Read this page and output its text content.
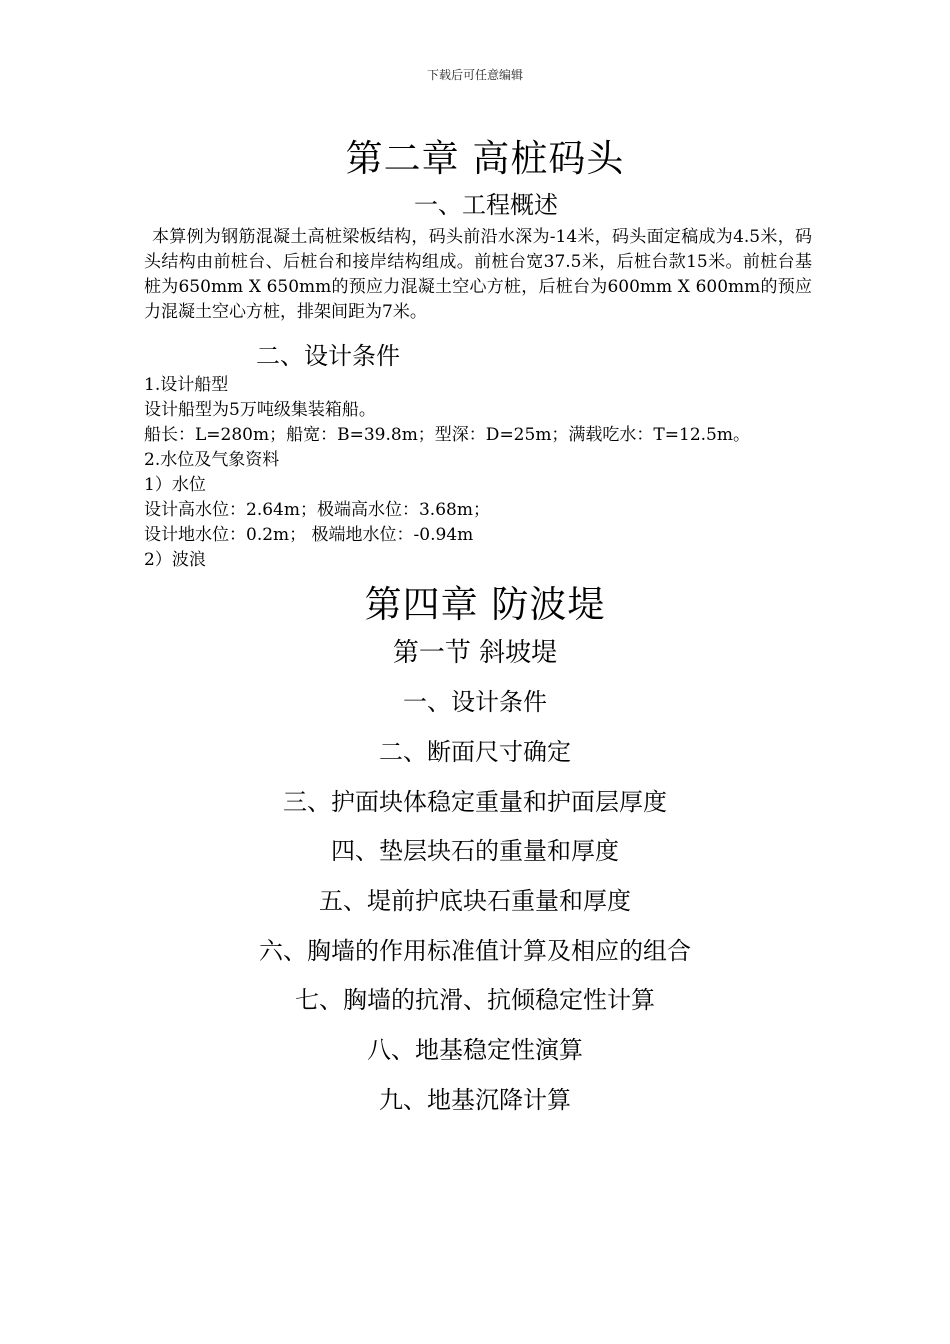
下载后可任意编辑
第二章 高桩码头
一、工程概述
本算例为钢筋混凝土高桩梁板结构，码头前沿水深为-14米，码头面定稿成为4.5米，码头结构由前桩台、后桩台和接岸结构组成。前桩台宽37.5米，后桩台款15米。前桩台基桩为650mm X 650mm的预应力混凝土空心方桩，后桩台为600mm X 600mm的预应力混凝土空心方桩，排架间距为7米。
二、设计条件
1.设计船型
设计船型为5万吨级集装箱船。
船长：L=280m；船宽：B=39.8m；型深：D=25m；满载吃水：T=12.5m。
2.水位及气象资料
1）水位
设计高水位：2.64m；极端高水位：3.68m；
设计地水位：0.2m； 极端地水位：-0.94m
2）波浪
第四章 防波堤
第一节 斜坡堤
一、设计条件
二、断面尺寸确定
三、护面块体稳定重量和护面层厚度
四、垫层块石的重量和厚度
五、堤前护底块石重量和厚度
六、胸墙的作用标准值计算及相应的组合
七、胸墙的抗滑、抗倾稳定性计算
八、地基稳定性演算
九、地基沉降计算
